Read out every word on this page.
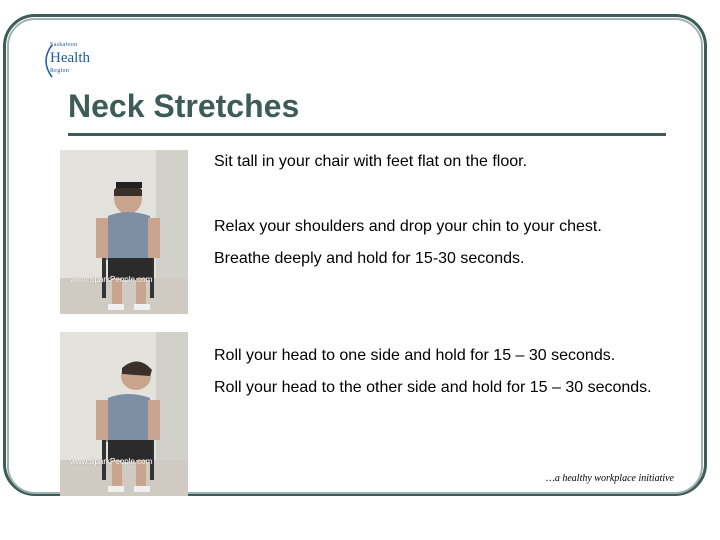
Saskatoon
Health
Region
Neck Stretches
www.SparkPeople.com
www.SparkPeople.com

Sit tall in your chair with feet flat on the floor.

Relax your shoulders and drop your chin to your chest.

Breathe deeply and hold for 15-30 seconds.

Roll your head to one side and hold for 15 – 30 seconds.

Roll your head to the other side and hold for 15 – 30 seconds.

…a healthy workplace initiative
